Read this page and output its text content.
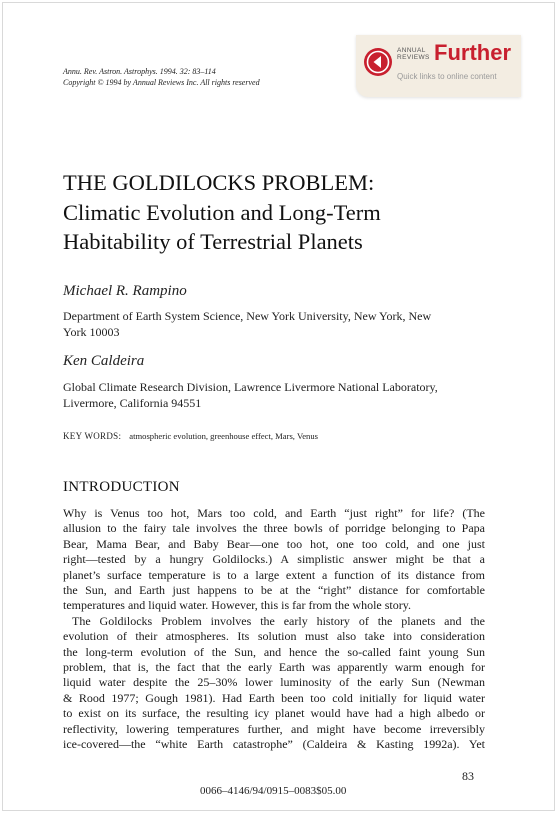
Annu. Rev. Astron. Astrophys. 1994. 32: 83–114
Copyright © 1994 by Annual Reviews Inc. All rights reserved
ANNUAL
REVIEWS Further
Quick links to online content
THE GOLDILOCKS PROBLEM:
Climatic Evolution and Long-Term
Habitability of Terrestrial Planets
Michael R. Rampino
Department of Earth System Science, New York University, New York, New
York 10003
Ken Caldeira
Global Climate Research Division, Lawrence Livermore National Laboratory,
Livermore, California 94551
KEY WORDS: atmospheric evolution, greenhouse effect, Mars, Venus
INTRODUCTION
Why is Venus too hot, Mars too cold, and Earth “just right” for life? (The
allusion to the fairy tale involves the three bowls of porridge belonging to Papa
Bear, Mama Bear, and Baby Bear—one too hot, one too cold, and one just
right—tested by a hungry Goldilocks.) A simplistic answer might be that a
planet’s surface temperature is to a large extent a function of its distance from
the Sun, and Earth just happens to be at the “right” distance for comfortable
temperatures and liquid water. However, this is far from the whole story.
The Goldilocks Problem involves the early history of the planets and the
evolution of their atmospheres. Its solution must also take into consideration
the long-term evolution of the Sun, and hence the so-called faint young Sun
problem, that is, the fact that the early Earth was apparently warm enough for
liquid water despite the 25–30% lower luminosity of the early Sun (Newman
& Rood 1977; Gough 1981). Had Earth been too cold initially for liquid water
to exist on its surface, the resulting icy planet would have had a high albedo or
reflectivity, lowering temperatures further, and might have become irreversibly
ice-covered—the “white Earth catastrophe” (Caldeira & Kasting 1992a). Yet
83
0066–4146/94/0915–0083$05.00
